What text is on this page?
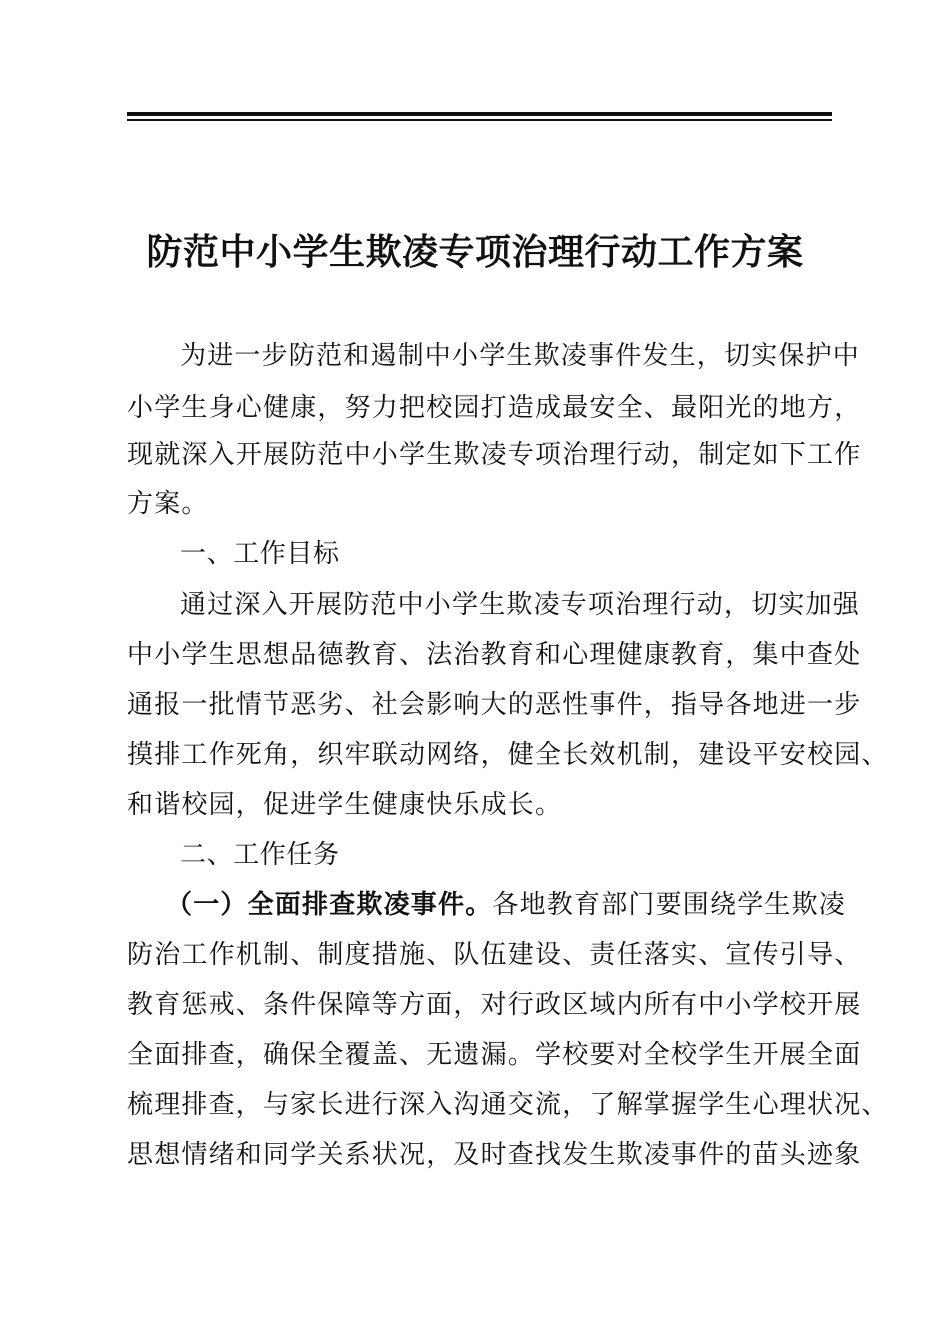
防范中小学生欺凌专项治理行动工作方案
为进一步防范和遏制中小学生欺凌事件发生，切实保护中
小学生身心健康，努力把校园打造成最安全、最阳光的地方，
现就深入开展防范中小学生欺凌专项治理行动，制定如下工作
方案。
一、工作目标
通过深入开展防范中小学生欺凌专项治理行动，切实加强
中小学生思想品德教育、法治教育和心理健康教育，集中查处
通报一批情节恶劣、社会影响大的恶性事件，指导各地进一步
摸排工作死角，织牢联动网络，健全长效机制，建设平安校园、
和谐校园，促进学生健康快乐成长。
二、工作任务
（一）全面排查欺凌事件。各地教育部门要围绕学生欺凌
防治工作机制、制度措施、队伍建设、责任落实、宣传引导、
教育惩戒、条件保障等方面，对行政区域内所有中小学校开展
全面排查，确保全覆盖、无遗漏。学校要对全校学生开展全面
梳理排查，与家长进行深入沟通交流，了解掌握学生心理状况、
思想情绪和同学关系状况，及时查找发生欺凌事件的苗头迹象
